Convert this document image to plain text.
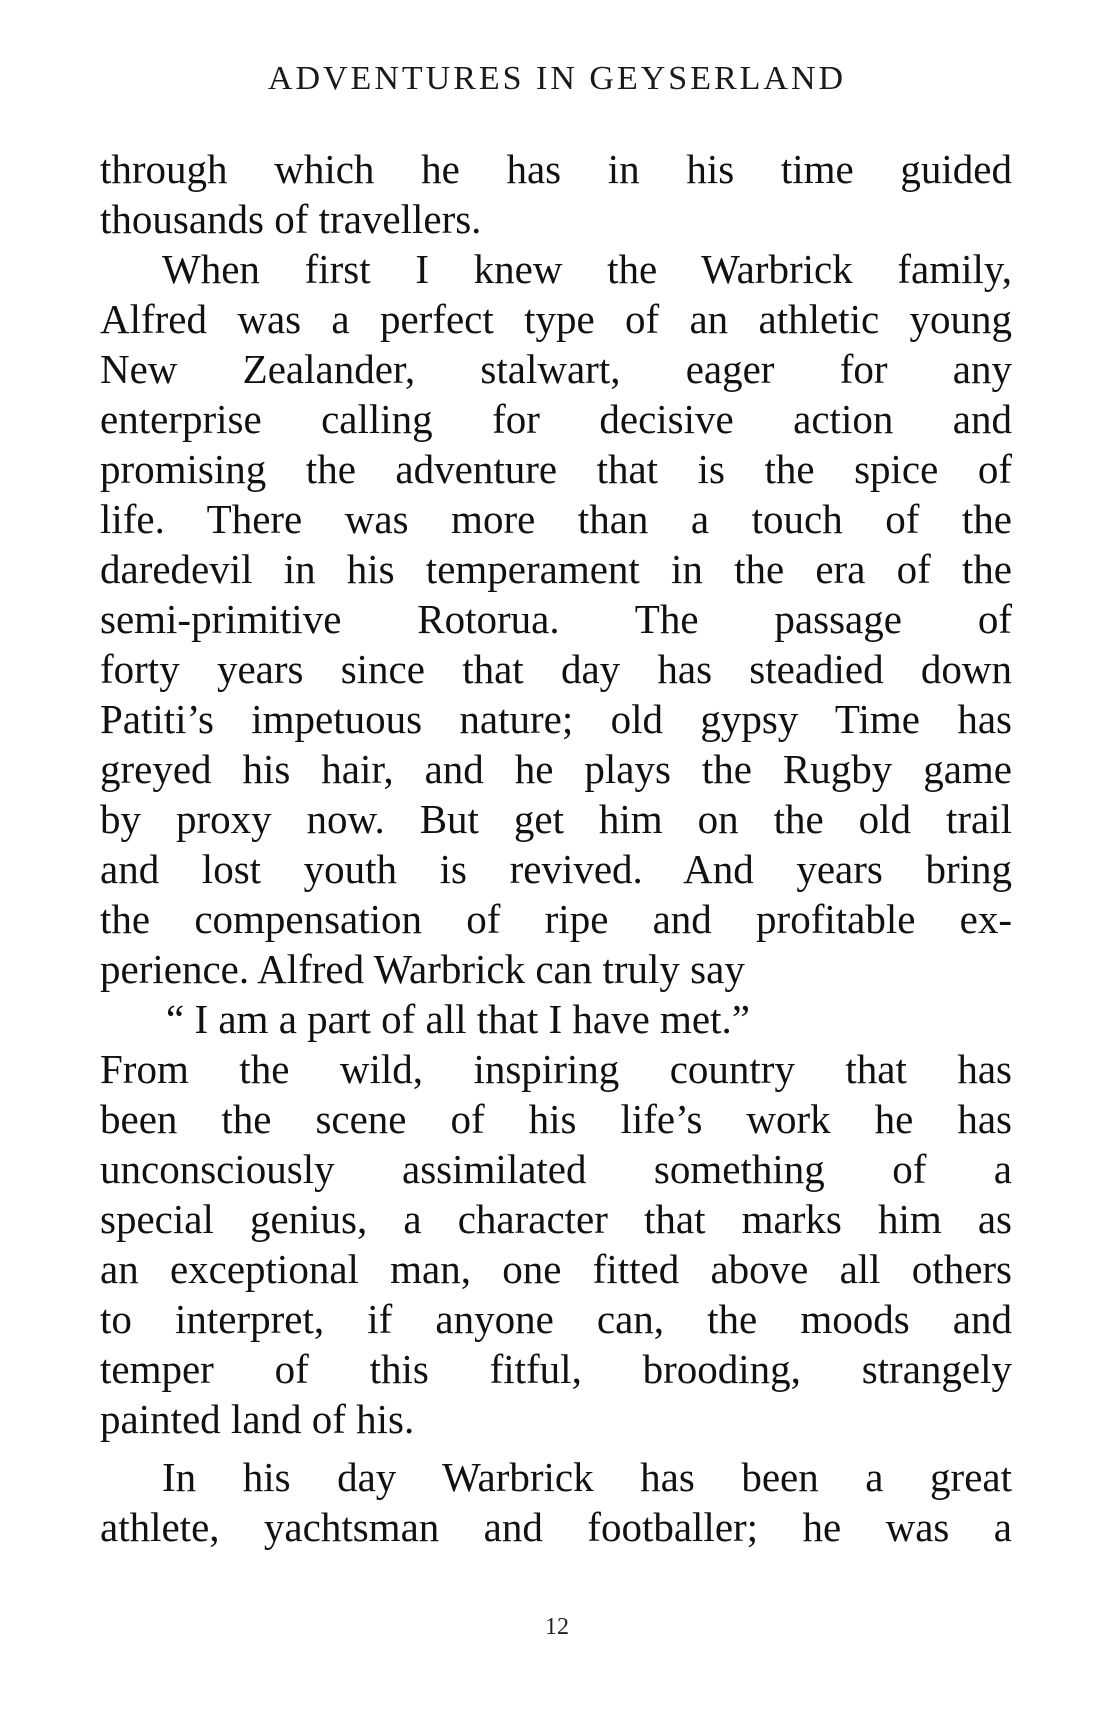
ADVENTURES IN GEYSERLAND
through which he has in his time guided
thousands of travellers.
When first I knew the Warbrick family,
Alfred was a perfect type of an athletic young
New Zealander, stalwart, eager for any
enterprise calling for decisive action and
promising the adventure that is the spice of
life. There was more than a touch of the
daredevil in his temperament in the era of the
semi-primitive Rotorua. The passage of
forty years since that day has steadied down
Patiti’s impetuous nature; old gypsy Time has
greyed his hair, and he plays the Rugby game
by proxy now. But get him on the old trail
and lost youth is revived. And years bring
the compensation of ripe and profitable ex-
perience. Alfred Warbrick can truly say
“ I am a part of all that I have met.”
From the wild, inspiring country that has
been the scene of his life’s work he has
unconsciously assimilated something of a
special genius, a character that marks him as
an exceptional man, one fitted above all others
to interpret, if anyone can, the moods and
temper of this fitful, brooding, strangely
painted land of his.
In his day Warbrick has been a great
athlete, yachtsman and footballer; he was a
12
